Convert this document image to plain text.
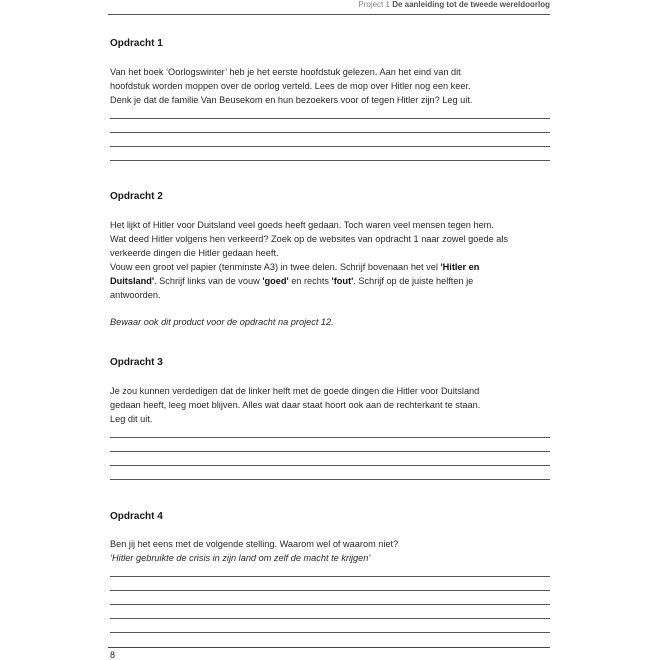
Project 1 De aanleiding tot de tweede wereldoorlog
Opdracht 1

Van het boek ‘Oorlogswinter’ heb je het eerste hoofdstuk gelezen. Aan het eind van dit

hoofdstuk worden moppen over de oorlog verteld. Lees de mop over Hitler nog een keer.

Denk je dat de familie Van Beusekom en hun bezoekers voor of tegen Hitler zijn? Leg uit.

Opdracht 2

Het lijkt of Hitler voor Duitsland veel goeds heeft gedaan. Toch waren veel mensen tegen hem.

Wat deed Hitler volgens hen verkeerd? Zoek op de websites van opdracht 1 naar zowel goede als

verkeerde dingen die Hitler gedaan heeft.

Vouw een groot vel papier (tenminste A3) in twee delen. Schrijf bovenaan het vel 'Hitler en

Duitsland'. Schrijf links van de vouw 'goed' en rechts 'fout'. Schrijf op de juiste helften je

antwoorden.

Bewaar ook dit product voor de opdracht na project 12.

Opdracht 3

Je zou kunnen verdedigen dat de linker helft met de goede dingen die Hitler voor Duitsland

gedaan heeft, leeg moet blijven. Alles wat daar staat hoort ook aan de rechterkant te staan.

Leg dit uit.

Opdracht 4

Ben jij het eens met de volgende stelling. Waarom wel of waarom niet?

‘Hitler gebruikte de crisis in zijn land om zelf de macht te krijgen’

8
